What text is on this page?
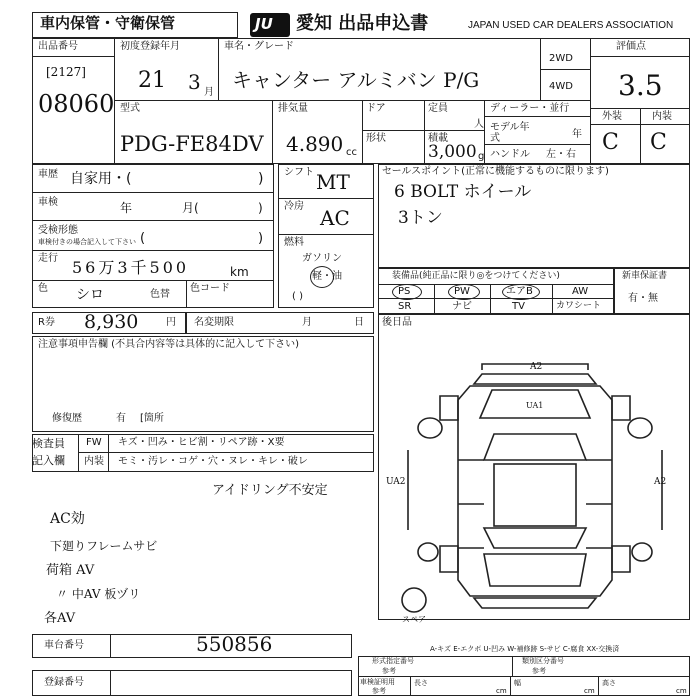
車内保管・守衛保管	JU 愛知 出品申込書	JAPAN USED CAR DEALERS ASSOCIATION
出品番号
[2127]
08060
初度登録年月
21 3 月
車名・グレード
キャンター アルミバン P/G
2WD
4WD
評価点
3.5
外装	内装
C C
型式
PDG-FE84DV
排気量
4.890 cc
ドア
形状
定員
人
積載
3,000 g
ディーラー・並行
モデル年式	年
ハンドル 左・右
車歴 自家用・(	)
車検	年	月(	)
受検形態
車検付きの場合記入して下さい (	)
走行 56万3千500	km
色 シロ	色替
色コード
シフト MT
冷房 AC
燃料
ガソリン
軽・油
( )
セールスポイント(正常に機能するものに限ります)
6 BOLT ホイール
3トン
装備品(純正品に限り◎をつけてください)
PS	PW	エアB	AW
SR	ナビ	TV	カワシート
新車保証書
有・無
R券 8,930	円 名変期限	月	日 後日品
注意事項申告欄 (不具合内容等は具体的に記入して下さい)
修復歴	有 [箇所
検査員
記入欄
FW キズ・凹み・ヒビ割・リペア跡・X要
内装 モミ・汚レ・コゲ・穴・ヌレ・キレ・破レ
アイドリング不安定
AC効
下廻りフレームサビ
荷箱 AV
〃 中AV 板ヅリ
各AV
A2
UA1
UA2	A2
スペア
A-キズ E-エクボ U-凹み W-補修跡 S-サビ C-腐食 XX-交換済
車台番号	550856
登録番号
形式指定番号	類別区分番号
参考	参考
車検証明用
参考
長さ
cm
幅
cm
高さ
cm
